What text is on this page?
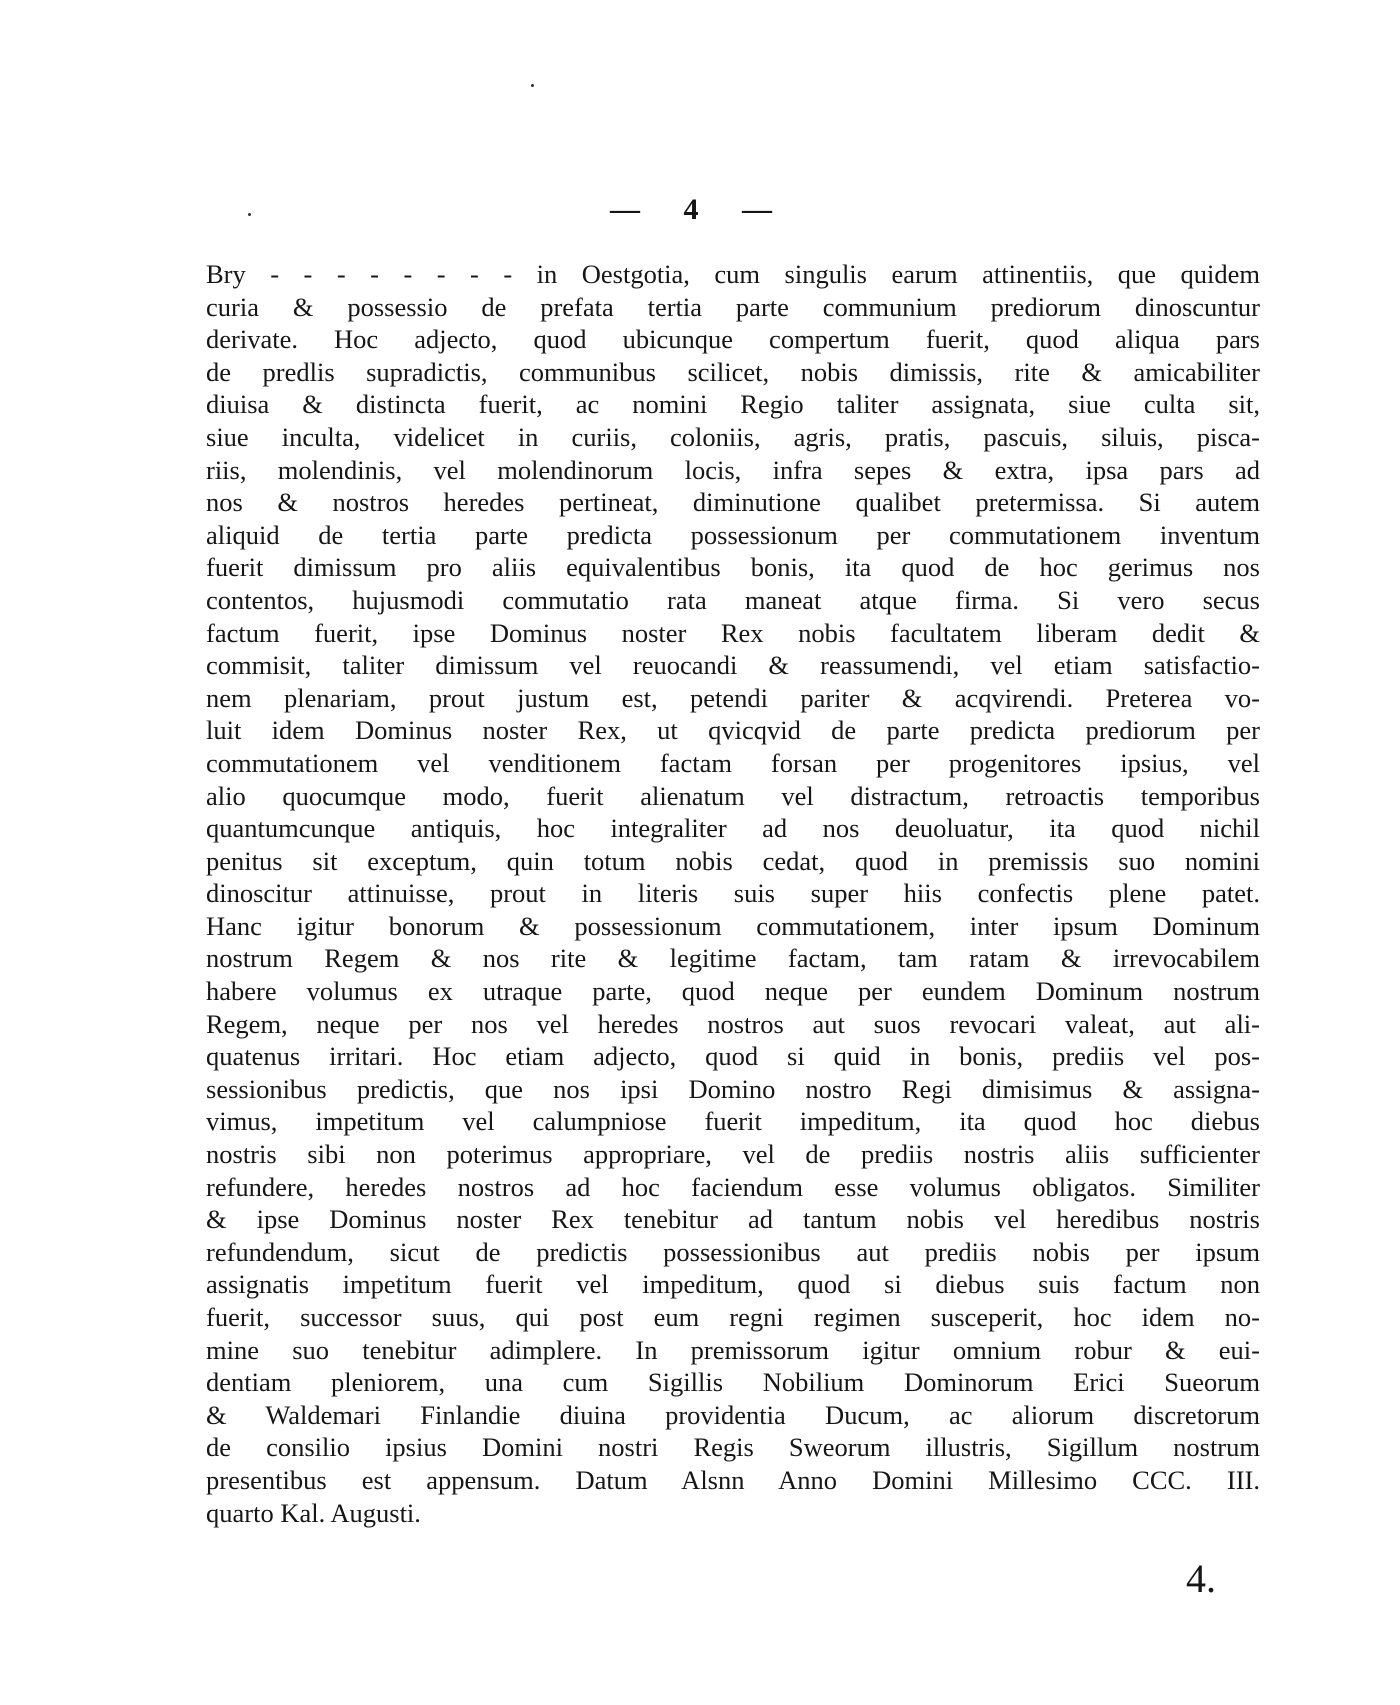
— 4 —
Bry - - - - - - - - in Oestgotia, cum singulis earum attinentiis, que quidem
curia & possessio de prefata tertia parte communium prediorum dinoscuntur
derivate. Hoc adjecto, quod ubicunque compertum fuerit, quod aliqua pars
de predlis supradictis, communibus scilicet, nobis dimissis, rite & amicabiliter
diuisa & distincta fuerit, ac nomini Regio taliter assignata, siue culta sit,
siue inculta, videlicet in curiis, coloniis, agris, pratis, pascuis, siluis, pisca-
riis, molendinis, vel molendinorum locis, infra sepes & extra, ipsa pars ad
nos & nostros heredes pertineat, diminutione qualibet pretermissa. Si autem
aliquid de tertia parte predicta possessionum per commutationem inventum
fuerit dimissum pro aliis equivalentibus bonis, ita quod de hoc gerimus nos
contentos, hujusmodi commutatio rata maneat atque firma. Si vero secus
factum fuerit, ipse Dominus noster Rex nobis facultatem liberam dedit &
commisit, taliter dimissum vel reuocandi & reassumendi, vel etiam satisfactio-
nem plenariam, prout justum est, petendi pariter & acqvirendi. Preterea vo-
luit idem Dominus noster Rex, ut qvicqvid de parte predicta prediorum per
commutationem vel venditionem factam forsan per progenitores ipsius, vel
alio quocumque modo, fuerit alienatum vel distractum, retroactis temporibus
quantumcunque antiquis, hoc integraliter ad nos deuoluatur, ita quod nichil
penitus sit exceptum, quin totum nobis cedat, quod in premissis suo nomini
dinoscitur attinuisse, prout in literis suis super hiis confectis plene patet.
Hanc igitur bonorum & possessionum commutationem, inter ipsum Dominum
nostrum Regem & nos rite & legitime factam, tam ratam & irrevocabilem
habere volumus ex utraque parte, quod neque per eundem Dominum nostrum
Regem, neque per nos vel heredes nostros aut suos revocari valeat, aut ali-
quatenus irritari. Hoc etiam adjecto, quod si quid in bonis, prediis vel pos-
sessionibus predictis, que nos ipsi Domino nostro Regi dimisimus & assigna-
vimus, impetitum vel calumpniose fuerit impeditum, ita quod hoc diebus
nostris sibi non poterimus appropriare, vel de prediis nostris aliis sufficienter
refundere, heredes nostros ad hoc faciendum esse volumus obligatos. Similiter
& ipse Dominus noster Rex tenebitur ad tantum nobis vel heredibus nostris
refundendum, sicut de predictis possessionibus aut prediis nobis per ipsum
assignatis impetitum fuerit vel impeditum, quod si diebus suis factum non
fuerit, successor suus, qui post eum regni regimen susceperit, hoc idem no-
mine suo tenebitur adimplere. In premissorum igitur omnium robur & eui-
dentiam pleniorem, una cum Sigillis Nobilium Dominorum Erici Sueorum
& Waldemari Finlandie diuina providentia Ducum, ac aliorum discretorum
de consilio ipsius Domini nostri Regis Sweorum illustris, Sigillum nostrum
presentibus est appensum. Datum Alsnn Anno Domini Millesimo CCC. III.
quarto Kal. Augusti.
4.
